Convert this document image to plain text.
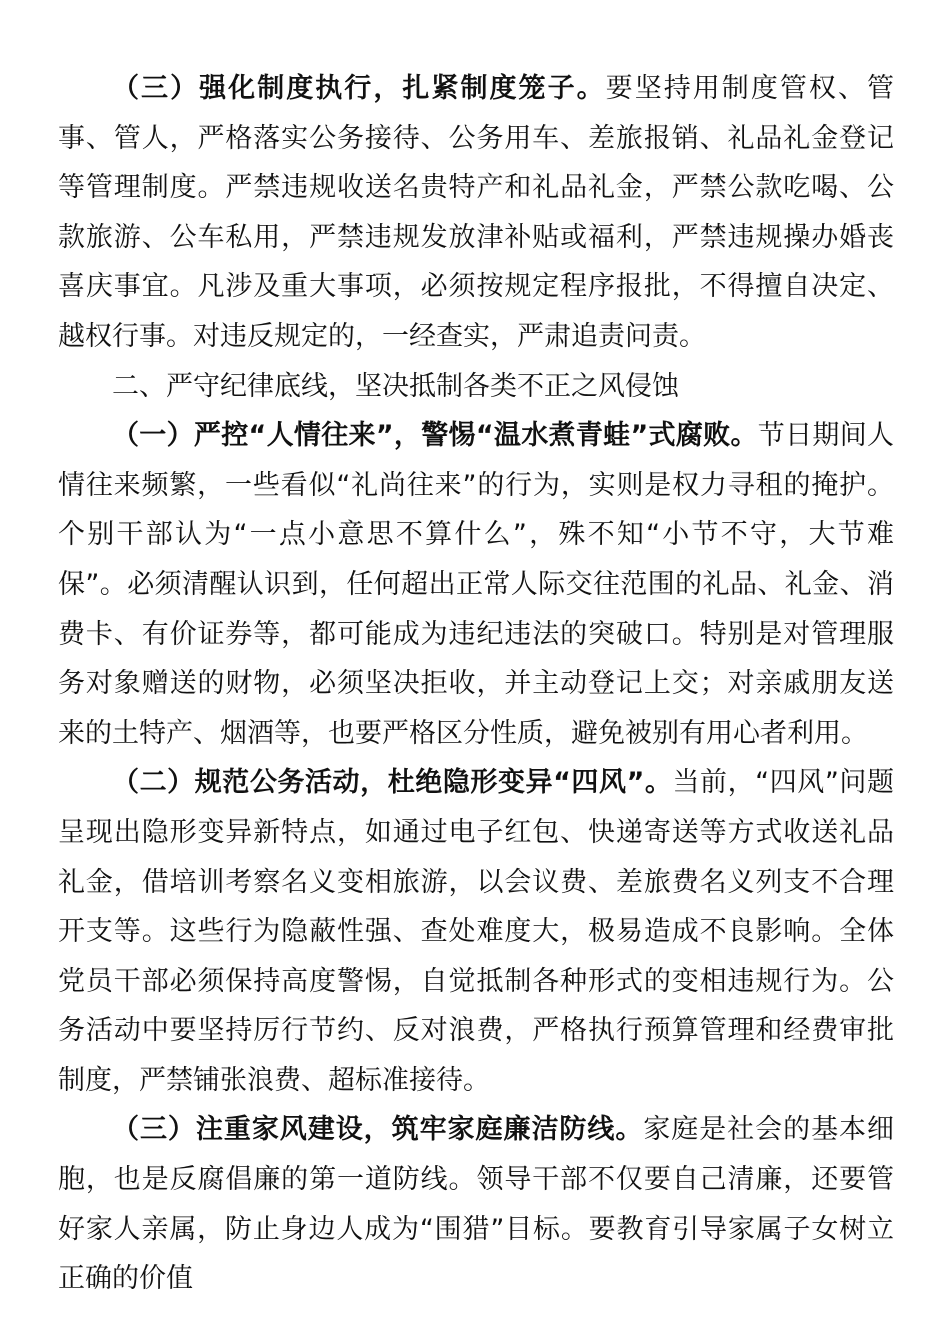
（三）强化制度执行，扎紧制度笼子。要坚持用制度管权、管事、管人，严格落实公务接待、公务用车、差旅报销、礼品礼金登记等管理制度。严禁违规收送名贵特产和礼品礼金，严禁公款吃喝、公款旅游、公车私用，严禁违规发放津补贴或福利，严禁违规操办婚丧喜庆事宜。凡涉及重大事项，必须按规定程序报批，不得擅自决定、越权行事。对违反规定的，一经查实，严肃追责问责。

二、严守纪律底线，坚决抵制各类不正之风侵蚀

（一）严控“人情往来”，警惕“温水煮青蛙”式腐败。节日期间人情往来频繁，一些看似“礼尚往来”的行为，实则是权力寻租的掩护。个别干部认为“一点小意思不算什么”，殊不知“小节不守，大节难保”。必须清醒认识到，任何超出正常人际交往范围的礼品、礼金、消费卡、有价证券等，都可能成为违纪违法的突破口。特别是对管理服务对象赠送的财物，必须坚决拒收，并主动登记上交；对亲戚朋友送来的土特产、烟酒等，也要严格区分性质，避免被别有用心者利用。

（二）规范公务活动，杜绝隐形变异“四风”。当前，“四风”问题呈现出隐形变异新特点，如通过电子红包、快递寄送等方式收送礼品礼金，借培训考察名义变相旅游，以会议费、差旅费名义列支不合理开支等。这些行为隐蔽性强、查处难度大，极易造成不良影响。全体党员干部必须保持高度警惕，自觉抵制各种形式的变相违规行为。公务活动中要坚持厉行节约、反对浪费，严格执行预算管理和经费审批制度，严禁铺张浪费、超标准接待。

（三）注重家风建设，筑牢家庭廉洁防线。家庭是社会的基本细胞，也是反腐倡廉的第一道防线。领导干部不仅要自己清廉，还要管好家人亲属，防止身边人成为“围猎”目标。要教育引导家属子女树立正确的价值
